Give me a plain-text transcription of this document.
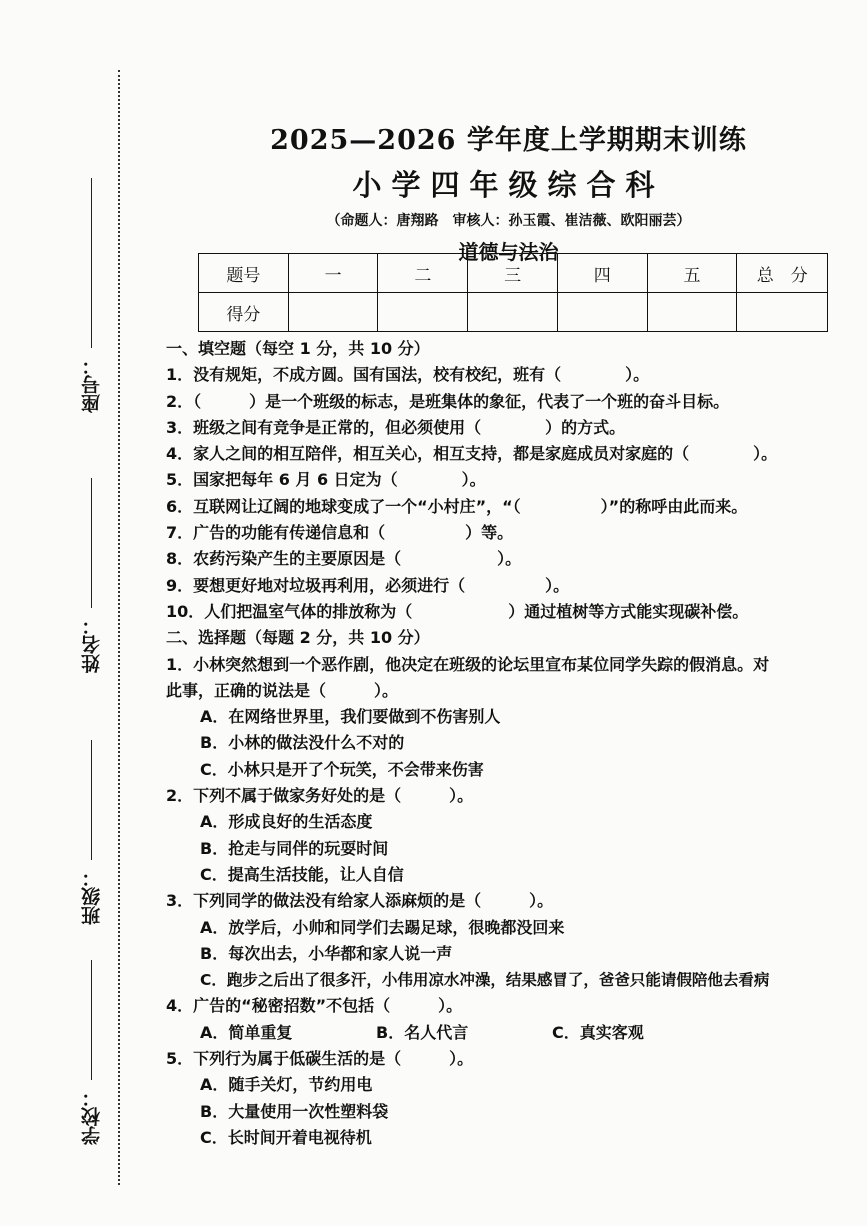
座号：
姓名：
班级：
学校：
2025—2026 学年度上学期期末训练
小学四年级综合科
（命题人：唐翔路　审核人：孙玉霞、崔洁薇、欧阳丽芸）
道德与法治
题号	一	二	三	四	五	总　分
得分						
一、填空题（每空 1 分，共 10 分）
1．没有规矩，不成方圆。国有国法，校有校纪，班有（　　　　）。
2．（　　　）是一个班级的标志，是班集体的象征，代表了一个班的奋斗目标。
3．班级之间有竞争是正常的，但必须使用（　　　　）的方式。
4．家人之间的相互陪伴，相互关心，相互支持，都是家庭成员对家庭的（　　　　）。
5．国家把每年 6 月 6 日定为（　　　　）。
6．互联网让辽阔的地球变成了一个“小村庄”，“（　　　　　）”的称呼由此而来。
7．广告的功能有传递信息和（　　　　　）等。
8．农药污染产生的主要原因是（　　　　　　）。
9．要想更好地对垃圾再利用，必须进行（　　　　　）。
10．人们把温室气体的排放称为（　　　　　　）通过植树等方式能实现碳补偿。
二、选择题（每题 2 分，共 10 分）
1．小林突然想到一个恶作剧，他决定在班级的论坛里宣布某位同学失踪的假消息。对
此事，正确的说法是（　　　）。
A．在网络世界里，我们要做到不伤害别人
B．小林的做法没什么不对的
C．小林只是开了个玩笑，不会带来伤害
2．下列不属于做家务好处的是（　　　）。
A．形成良好的生活态度
B．抢走与同伴的玩耍时间
C．提高生活技能，让人自信
3．下列同学的做法没有给家人添麻烦的是（　　　）。
A．放学后，小帅和同学们去踢足球，很晚都没回来
B．每次出去，小华都和家人说一声
C．跑步之后出了很多汗，小伟用凉水冲澡，结果感冒了，爸爸只能请假陪他去看病
4．广告的“秘密招数”不包括（　　　）。
A．简单重复	B．名人代言	C．真实客观
5．下列行为属于低碳生活的是（　　　）。
A．随手关灯，节约用电
B．大量使用一次性塑料袋
C．长时间开着电视待机
